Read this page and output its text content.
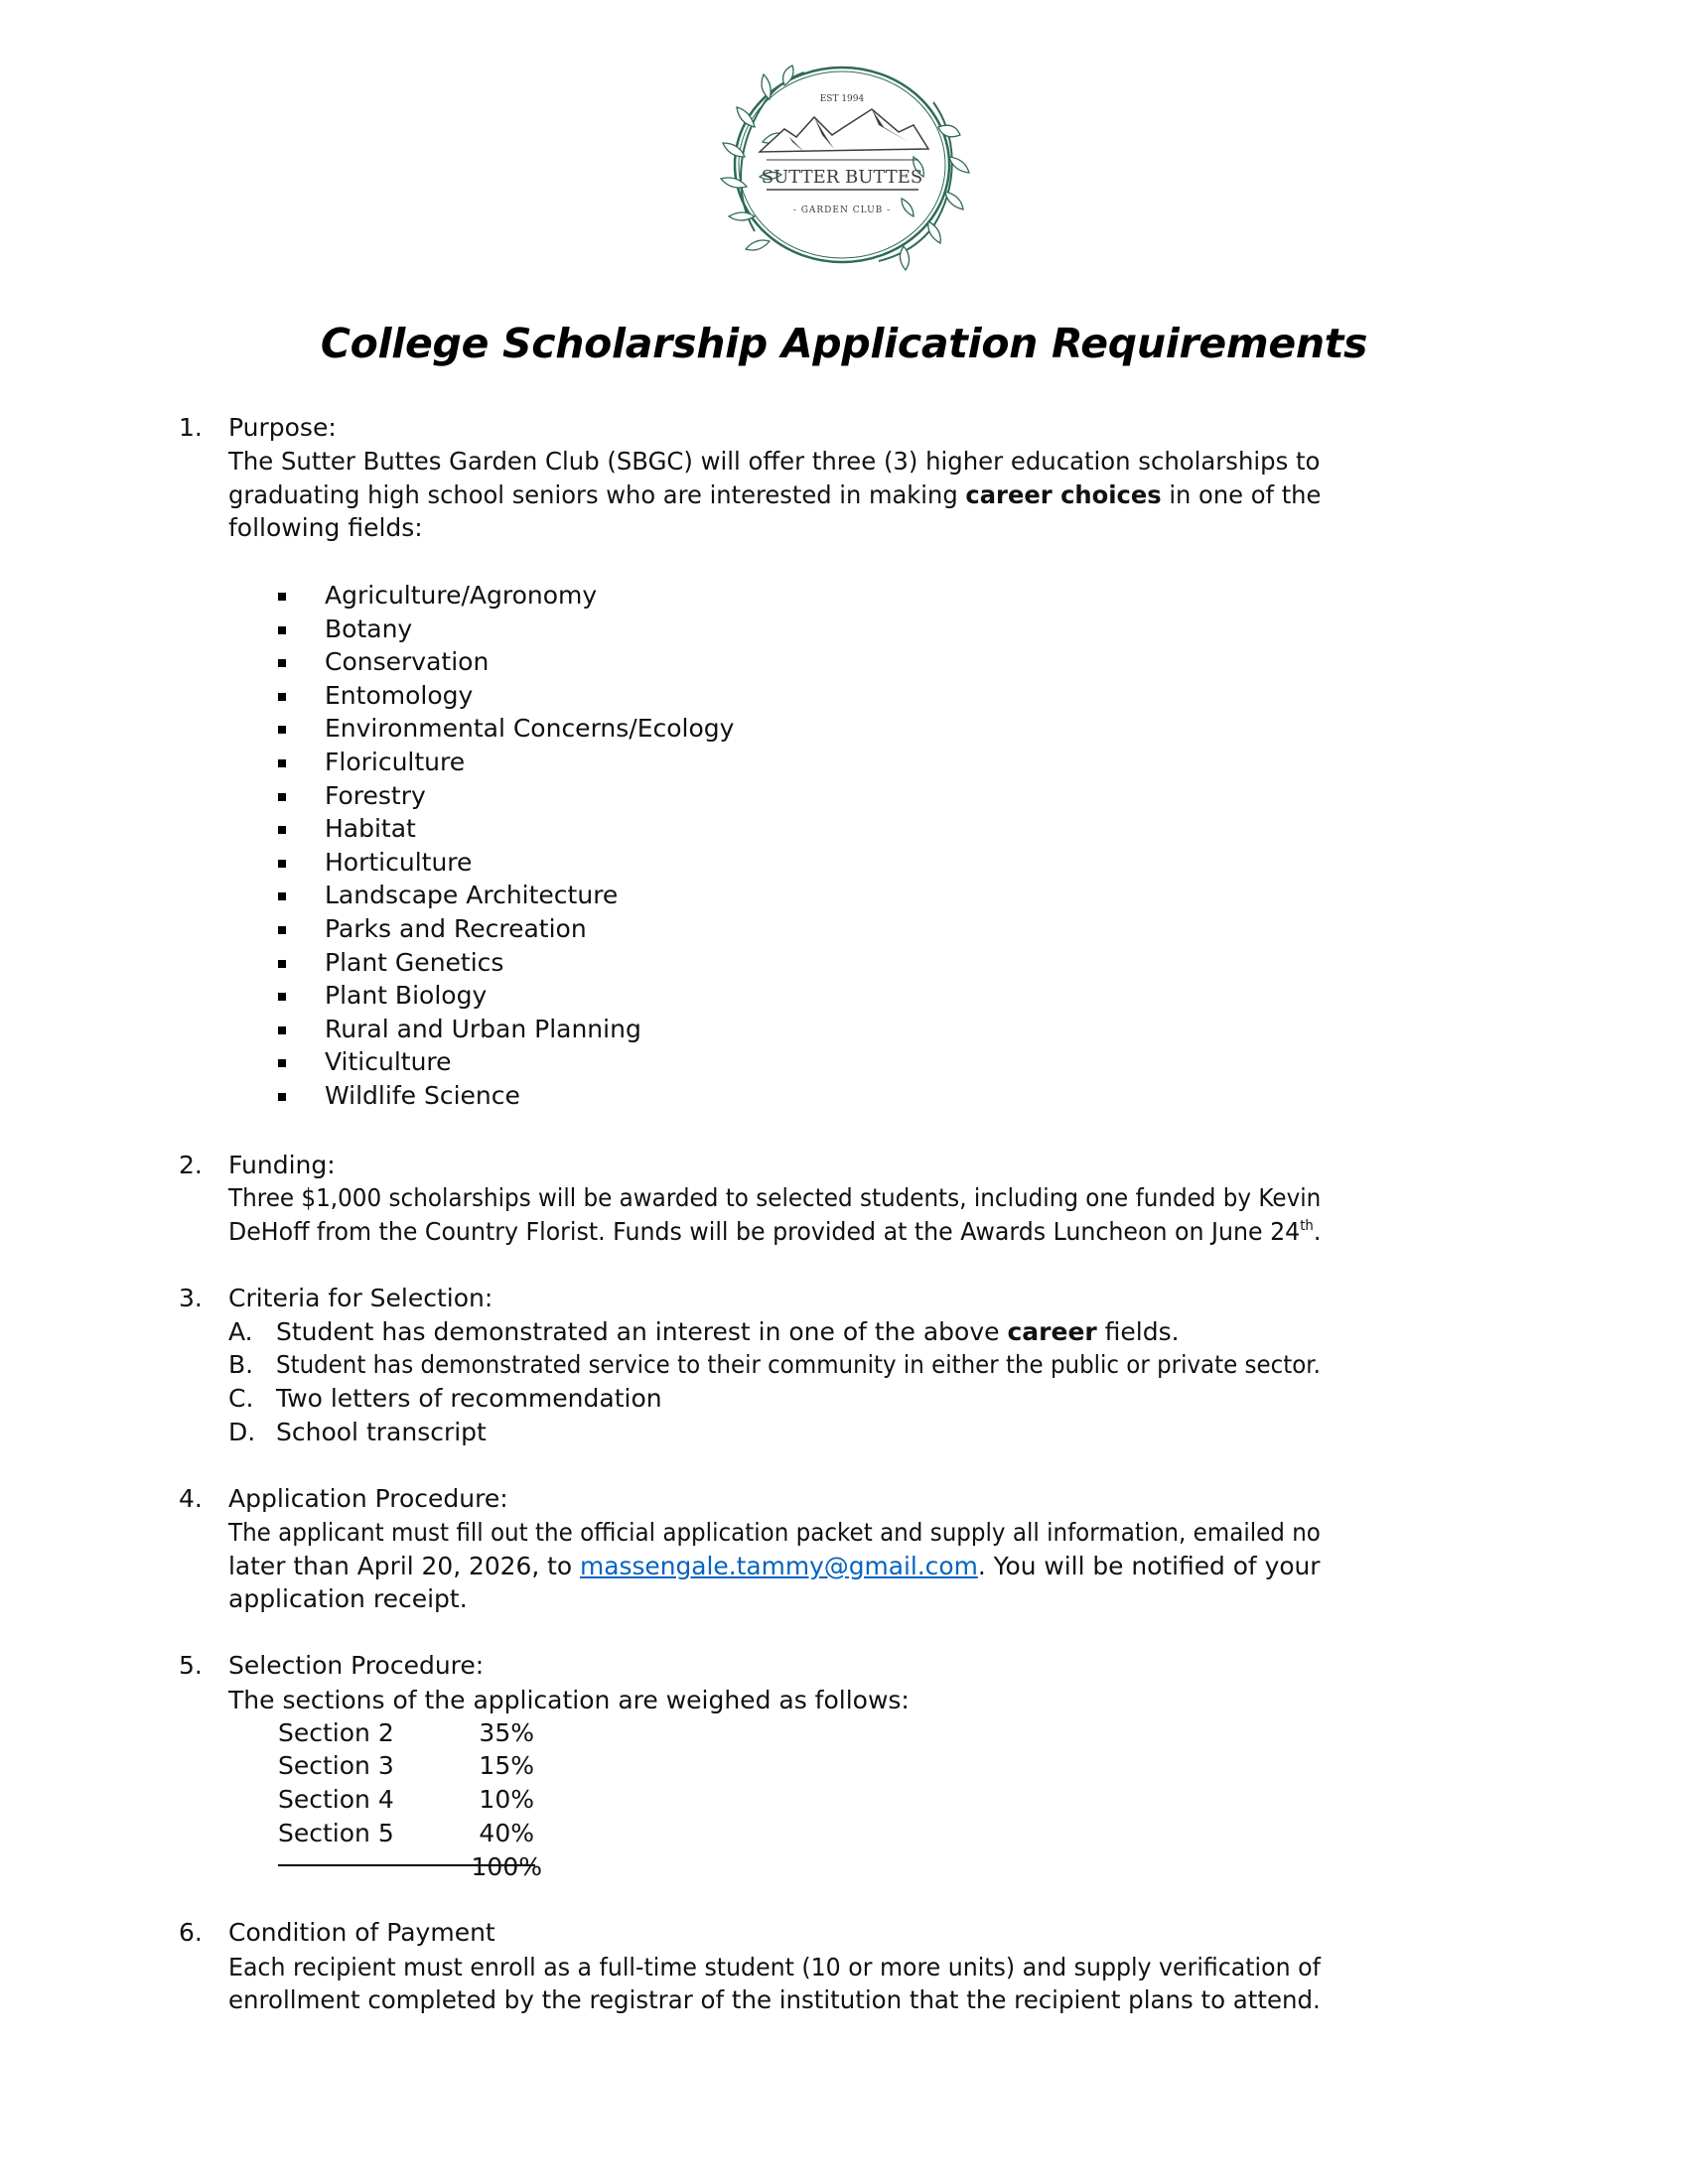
EST 1994
SUTTER BUTTES
- GARDEN CLUB -
College Scholarship Application Requirements
1. Purpose:
The Sutter Buttes Garden Club (SBGC) will offer three (3) higher education scholarships to
graduating high school seniors who are interested in making career choices in one of the
following fields:
Agriculture/Agronomy
Botany
Conservation
Entomology
Environmental Concerns/Ecology
Floriculture
Forestry
Habitat
Horticulture
Landscape Architecture
Parks and Recreation
Plant Genetics
Plant Biology
Rural and Urban Planning
Viticulture
Wildlife Science
2. Funding:
Three $1,000 scholarships will be awarded to selected students, including one funded by Kevin
DeHoff from the Country Florist. Funds will be provided at the Awards Luncheon on June 24th.
3. Criteria for Selection:
A. Student has demonstrated an interest in one of the above career fields.
B. Student has demonstrated service to their community in either the public or private sector.
C. Two letters of recommendation
D. School transcript
4. Application Procedure:
The applicant must fill out the official application packet and supply all information, emailed no
later than April 20, 2026, to massengale.tammy@gmail.com. You will be notified of your
application receipt.
5. Selection Procedure:
The sections of the application are weighed as follows:
Section 2	35%
Section 3	15%
Section 4	10%
Section 5	40%
100%
6. Condition of Payment
Each recipient must enroll as a full-time student (10 or more units) and supply verification of
enrollment completed by the registrar of the institution that the recipient plans to attend.
